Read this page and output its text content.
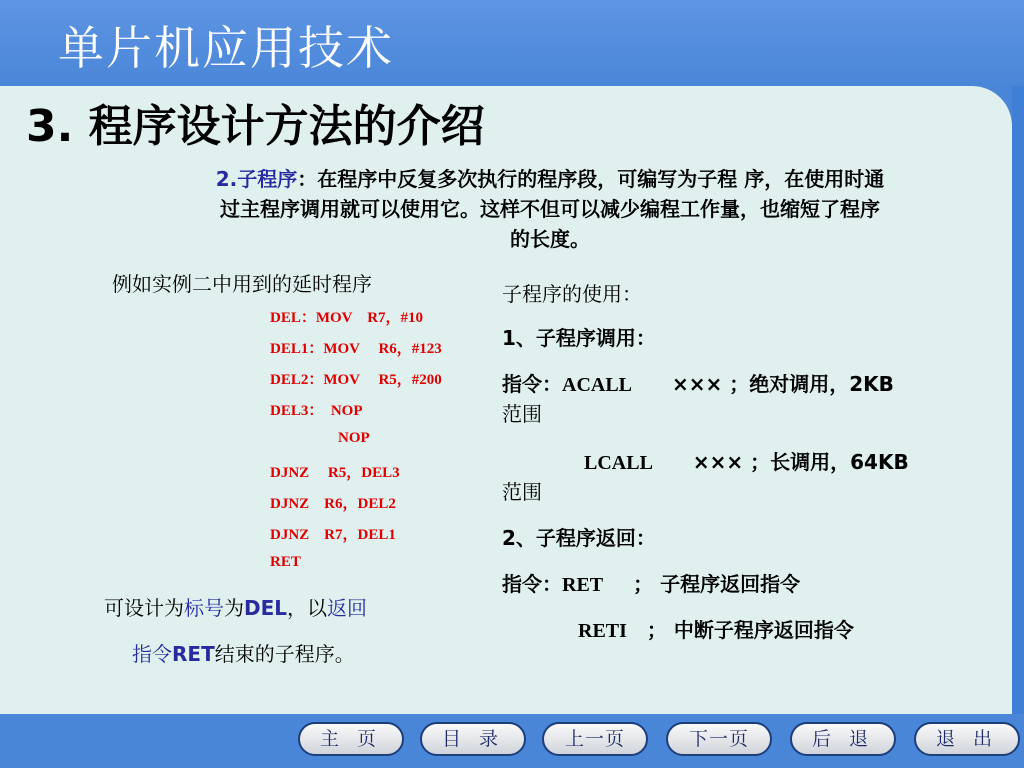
单片机应用技术
3. 程序设计方法的介绍
2.子程序：在程序中反复多次执行的程序段，可编写为子程 序，在使用时通
过主程序调用就可以使用它。这样不但可以减少编程工作量，也缩短了程序
的长度。
例如实例二中用到的延时程序
DEL：MOV    R7，#10
DEL1：MOV     R6，#123
DEL2：MOV     R5，#200
DEL3：  NOP
NOP
DJNZ     R5，DEL3
DJNZ    R6，DEL2
DJNZ    R7，DEL1
RET
可设计为标号为DEL，以返回
指令RET结束的子程序。
子程序的使用：
1、子程序调用：
指令：ACALL ××× ；绝对调用，2KB
范围
LCALL ××× ；长调用，64KB
范围
2、子程序返回：
指令：RET ； 子程序返回指令
RETI ； 中断子程序返回指令
主 页	目 录	上一页	下一页	后 退	退 出
